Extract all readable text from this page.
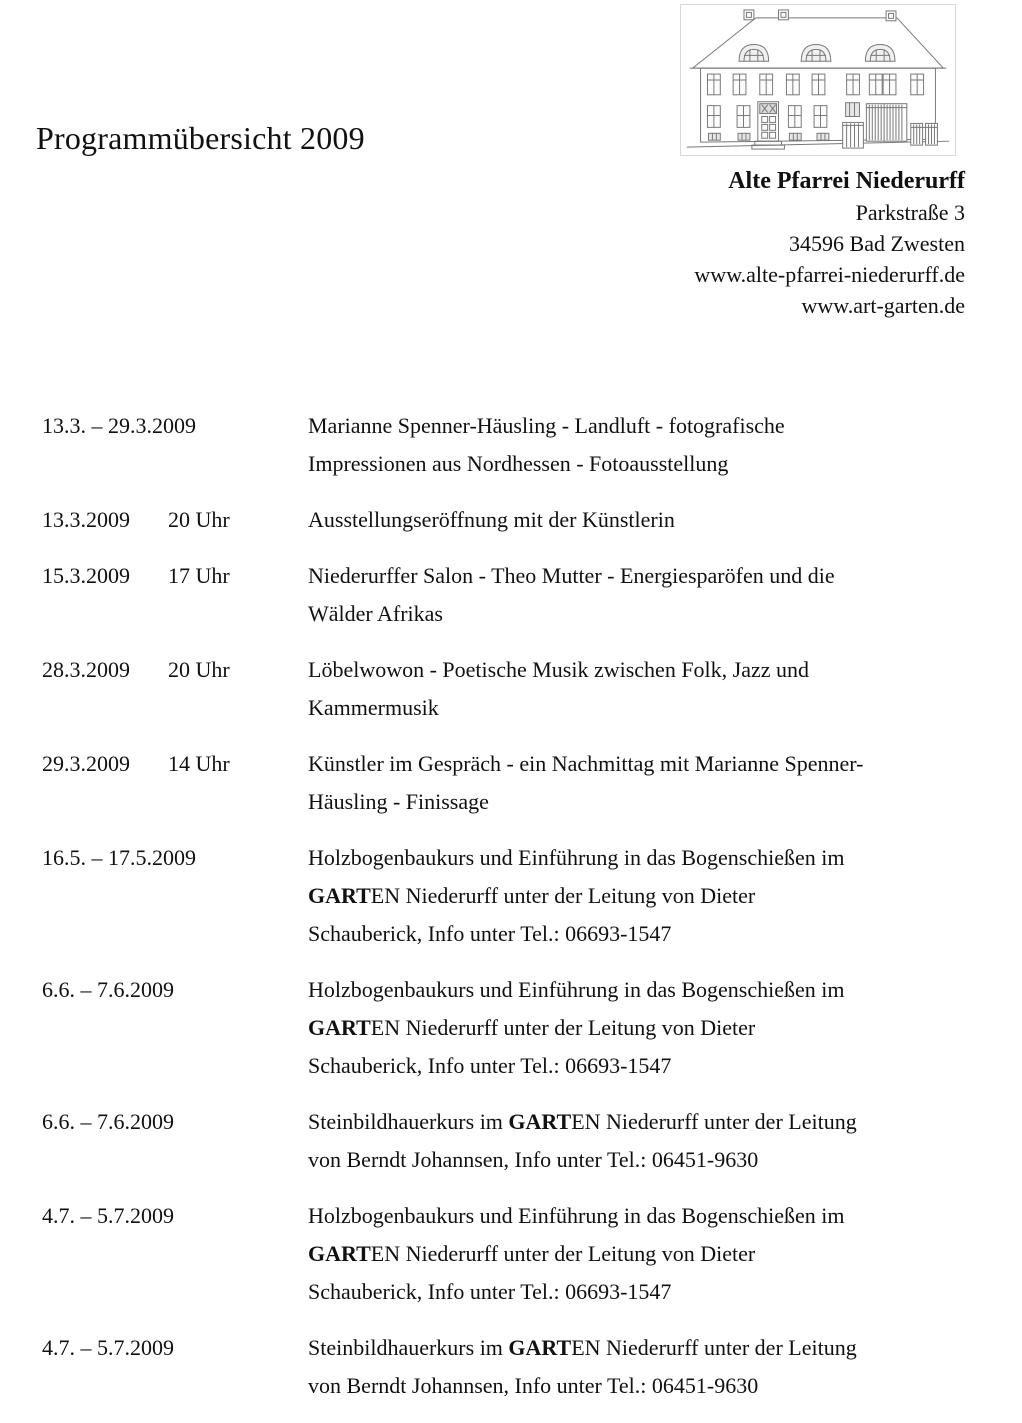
Programmübersicht 2009
Alte Pfarrei Niederurff
Parkstraße 3
34596 Bad Zwesten
www.alte-pfarrei-niederurff.de
www.art-garten.de
13.3. – 29.3.2009	Marianne Spenner-Häusling - Landluft - fotografische
Impressionen aus Nordhessen - Fotoausstellung
13.3.2009 20 Uhr	Ausstellungseröffnung mit der Künstlerin
15.3.2009 17 Uhr	Niederurffer Salon - Theo Mutter - Energiesparöfen und die
Wälder Afrikas
28.3.2009 20 Uhr	Löbelwowon - Poetische Musik zwischen Folk, Jazz und
Kammermusik
29.3.2009 14 Uhr	Künstler im Gespräch - ein Nachmittag mit Marianne Spenner-
Häusling - Finissage
16.5. – 17.5.2009	Holzbogenbaukurs und Einführung in das Bogenschießen im
GARTEN Niederurff unter der Leitung von Dieter
Schauberick, Info unter Tel.: 06693-1547
6.6. – 7.6.2009	Holzbogenbaukurs und Einführung in das Bogenschießen im
GARTEN Niederurff unter der Leitung von Dieter
Schauberick, Info unter Tel.: 06693-1547
6.6. – 7.6.2009	Steinbildhauerkurs im GARTEN Niederurff unter der Leitung
von Berndt Johannsen, Info unter Tel.: 06451-9630
4.7. – 5.7.2009	Holzbogenbaukurs und Einführung in das Bogenschießen im
GARTEN Niederurff unter der Leitung von Dieter
Schauberick, Info unter Tel.: 06693-1547
4.7. – 5.7.2009	Steinbildhauerkurs im GARTEN Niederurff unter der Leitung
von Berndt Johannsen, Info unter Tel.: 06451-9630
